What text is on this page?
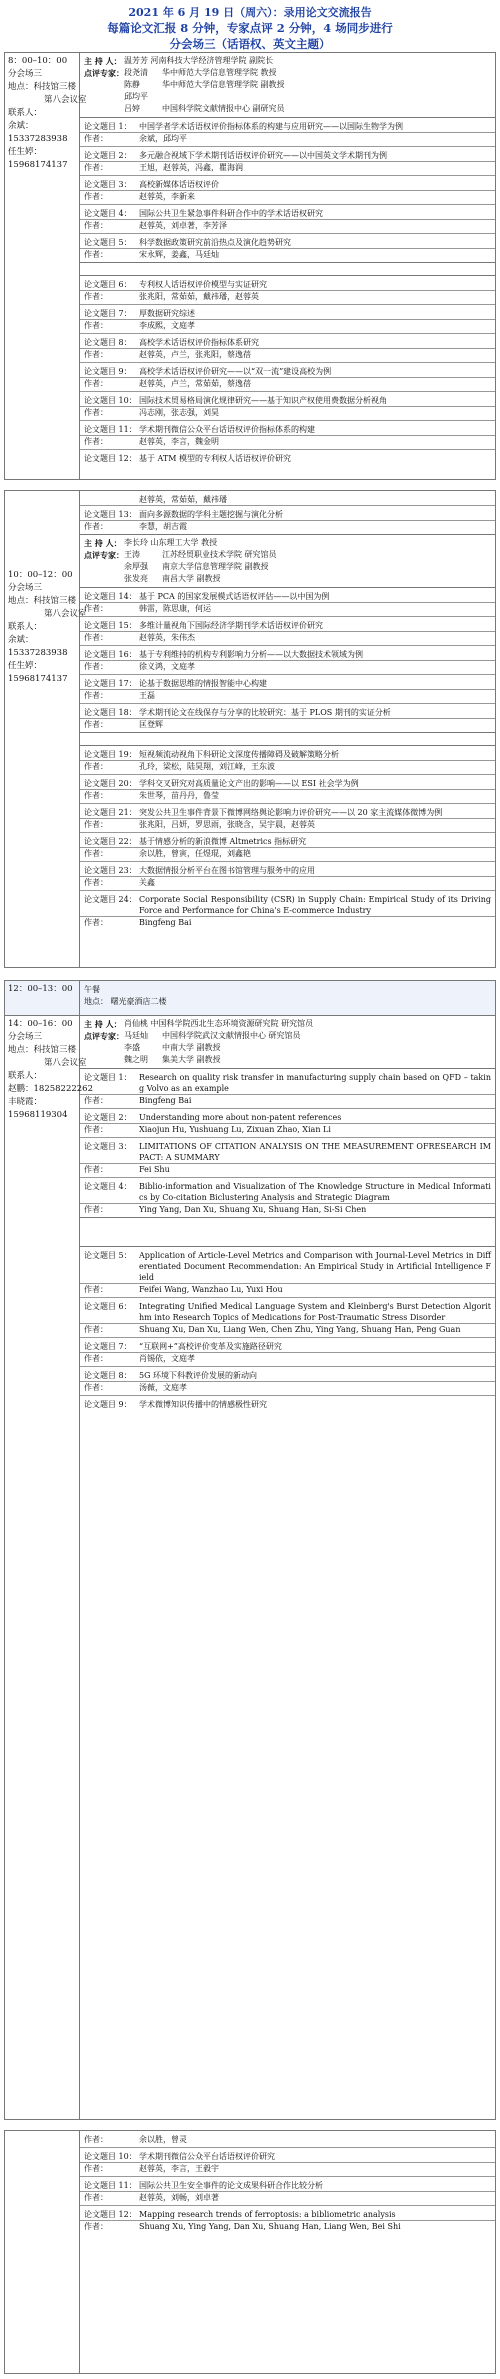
2021 年 6 月 19 日（周六）：录用论文交流报告
每篇论文汇报 8 分钟，专家点评 2 分钟，4 场同步进行
分会场三（话语权、英文主题）
8：00–10：00
分会场三
地点：科技馆三楼
第八会议室
联系人：
余斌：
15337283938
任生婷：
15968174137
主 持 人： 温芳芳 河南科技大学经济管理学院 副院长
点评专家： 段尧清	华中师范大学信息管理学院 教授
陈静	华中师范大学信息管理学院 副教授
邱均平
吕婷	中国科学院文献情报中心 副研究员
论文题目 1： 中国学者学术话语权评价指标体系的构建与应用研究——以国际生物学为例
作者：	余斌，邱均平
论文题目 2： 多元融合视域下学术期刊话语权评价研究——以中国英文学术期刊为例
作者：	王旭，赵蓉英，冯鑫，瞿海润
论文题目 3： 高校新媒体话语权评价
作者：	赵蓉英，李新来
论文题目 4： 国际公共卫生紧急事件科研合作中的学术话语权研究
作者：	赵蓉英，刘卓著，李芳泽
论文题目 5： 科学数据政策研究前沿热点及演化趋势研究
作者：	宋永辉，姜鑫，马廷灿
论文题目 6： 专利权人话语权评价模型与实证研究
作者：	张兆阳，常茹茹，戴祎璠，赵蓉英
论文题目 7： 厚数据研究综述
作者：	李成熙，文庭孝
论文题目 8： 高校学术话语权评价指标体系研究
作者：	赵蓉英，卢兰，张兆阳，蔡逸蓓
论文题目 9： 高校学术话语权评价研究——以“双一流”建设高校为例
作者：	赵蓉英，卢兰，常茹茹，蔡逸蓓
论文题目 10： 国际技术贸易格局演化规律研究——基于知识产权使用费数据分析视角
作者：	冯志刚，张志强，刘昊
论文题目 11： 学术期刊微信公众平台话语权评价指标体系的构建
作者：	赵蓉英，李言，魏金明
论文题目 12： 基于 ATM 模型的专利权人话语权评价研究
10：00–12：00
分会场三
地点：科技馆三楼
第八会议室
联系人：
余斌：
15337283938
任生婷：
15968174137
赵蓉英，常茹茹，戴祎璠
论文题目 13： 面向多源数据的学科主题挖掘与演化分析
作者：	李慧，胡吉霞
主 持 人： 李长玲 山东理工大学 教授
点评专家： 王涛	江苏经贸职业技术学院 研究馆员
余厚强	南京大学信息管理学院 副教授
张发亮	南昌大学 副教授
论文题目 14： 基于 PCA 的国家发展模式话语权评估——以中国为例
作者：	韩雷，陈思康，何运
论文题目 15： 多维计量视角下国际经济学期刊学术话语权评价研究
作者：	赵蓉英，朱伟杰
论文题目 16： 基于专利维持的机构专利影响力分析——以大数据技术领域为例
作者：	徐义鸿，文庭孝
论文题目 17： 论基于数据思维的情报智能中心构建
作者：	王磊
论文题目 18： 学术期刊论文在线保存与分享的比较研究：基于 PLOS 期刊的实证分析
作者：	匡登辉
论文题目 19： 短视频流动视角下科研论文深度传播障碍及破解策略分析
作者：	孔玲，梁松，陆昊翔，刘江峰，王东波
论文题目 20： 学科交叉研究对高质量论文产出的影响——以 ESI 社会学为例
作者：	朱世琴，苗丹丹，鲁莹
论文题目 21： 突发公共卫生事件背景下微博网络舆论影响力评价研究——以 20 家主流媒体微博为例
作者：	张兆阳，吕妍，罗思雨，张晓含，吴宇晨，赵蓉英
论文题目 22： 基于情感分析的新浪微博 Altmetrics 指标研究
作者：	余以胜，曾寅，任煜琨，刘鑫艳
论文题目 23： 大数据情报分析平台在图书馆管理与服务中的应用
作者：	关鑫
论文题目 24： Corporate Social Responsibility (CSR) in Supply Chain: Empirical Study of its Driving Force and Performance for China's E-commerce Industry
作者：	Bingfeng Bai
12：00–13：00	午餐
地点： 曙光豪酒店二楼
14：00–16：00
分会场三
地点：科技馆三楼
第八会议室
联系人：
赵鹏：18258222262
丰晓霞：
15968119304
主 持 人： 肖仙桃 中国科学院西北生态环境资源研究院 研究馆员
点评专家： 马廷灿	中国科学院武汉文献情报中心 研究馆员
李盛	中南大学 副教授
魏之明	集美大学 副教授
论文题目 1： Research on quality risk transfer in manufacturing supply chain based on QFD – taking Volvo as an example
作者：	Bingfeng Bai
论文题目 2： Understanding more about non-patent references
作者：	Xiaojun Hu, Yushuang Lu, Zixuan Zhao, Xian Li
论文题目 3： LIMITATIONS OF CITATION ANALYSIS ON THE MEASUREMENT OFRESEARCH IMPACT: A SUMMARY
作者：	Fei Shu
论文题目 4： Biblio-information and Visualization of The Knowledge Structure in Medical Informatics by Co-citation Biclustering Analysis and Strategic Diagram
作者：	Ying Yang, Dan Xu, Shuang Xu, Shuang Han, Si-Si Chen
论文题目 5： Application of Article-Level Metrics and Comparison with Journal-Level Metrics in Differentiated Document Recommendation: An Empirical Study in Artificial Intelligence Field
作者：	Feifei Wang, Wanzhao Lu, Yuxi Hou
论文题目 6： Integrating Unified Medical Language System and Kleinberg's Burst Detection Algorithm into Research Topics of Medications for Post-Traumatic Stress Disorder
作者：	Shuang Xu, Dan Xu, Liang Wen, Chen Zhu, Ying Yang, Shuang Han, Peng Guan
论文题目 7： “互联网+”高校评价变革及实施路径研究
作者：	肖锡依，文庭孝
论文题目 8： 5G 环境下科教评价发展的新动向
作者：	汤薇，文庭孝
论文题目 9： 学术微博知识传播中的情感极性研究
作者：	余以胜，曾灵
论文题目 10： 学术期刊微信公众平台话语权评价研究
作者：	赵蓉英，李言，王毅宇
论文题目 11： 国际公共卫生安全事件的论文成果科研合作比较分析
作者：	赵蓉英，刘畅，刘卓著
论文题目 12： Mapping research trends of ferroptosis: a bibliometric analysis
作者：	Shuang Xu, Ying Yang, Dan Xu, Shuang Han, Liang Wen, Bei Shi
